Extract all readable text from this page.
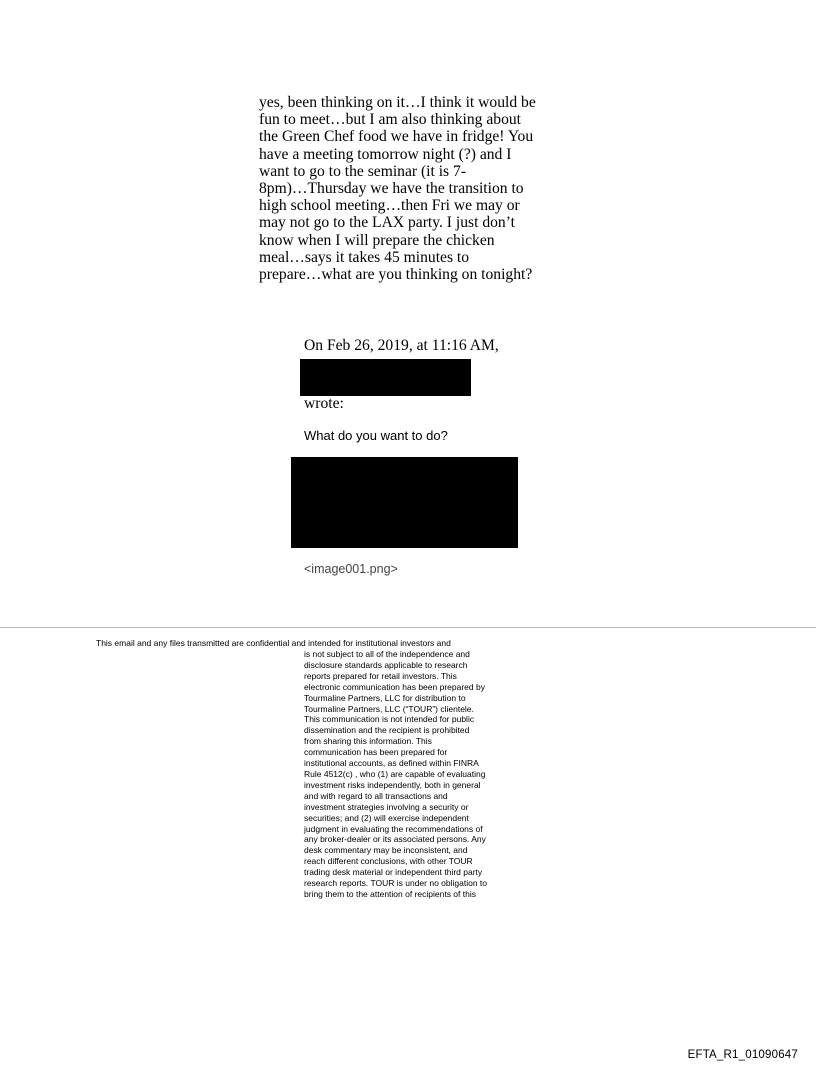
yes, been thinking on it…I think it would be
fun to meet…but I am also thinking about
the Green Chef food we have in fridge! You
have a meeting tomorrow night (?) and I
want to go to the seminar (it is 7-
8pm)…Thursday we have the transition to
high school meeting…then Fri we may or
may not go to the LAX party. I just don’t
know when I will prepare the chicken
meal…says it takes 45 minutes to
prepare…what are you thinking on tonight?
On Feb 26, 2019, at 11:16 AM,
wrote:
What do you want to do?
<image001.png>
This email and any files transmitted are confidential and intended for institutional investors and
is not subject to all of the independence and
disclosure standards applicable to research
reports prepared for retail investors. This
electronic communication has been prepared by
Tourmaline Partners, LLC for distribution to
Tourmaline Partners, LLC (“TOUR”) clientele.
This communication is not intended for public
dissemination and the recipient is prohibited
from sharing this information. This
communication has been prepared for
institutional accounts, as defined within FINRA
Rule 4512(c) , who (1) are capable of evaluating
investment risks independently, both in general
and with regard to all transactions and
investment strategies involving a security or
securities; and (2) will exercise independent
judgment in evaluating the recommendations of
any broker-dealer or its associated persons. Any
desk commentary may be inconsistent, and
reach different conclusions, with other TOUR
trading desk material or independent third party
research reports. TOUR is under no obligation to
bring them to the attention of recipients of this
EFTA_R1_01090647
